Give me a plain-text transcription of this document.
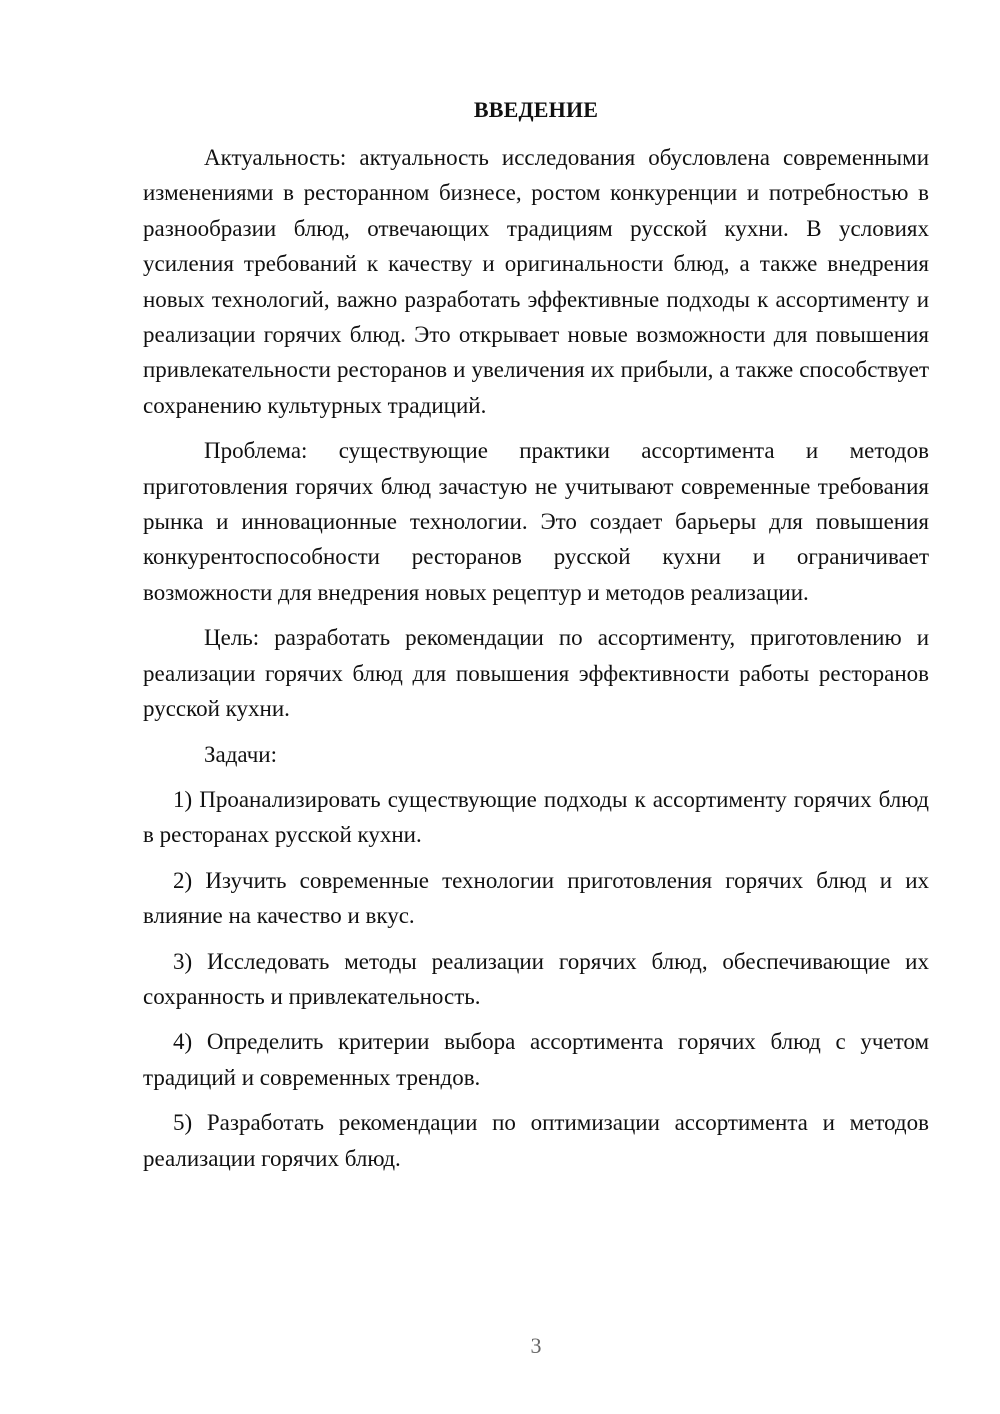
ВВЕДЕНИЕ

Актуальность: актуальность исследования обусловлена современными изменениями в ресторанном бизнесе, ростом конкуренции и потребностью в разнообразии блюд, отвечающих традициям русской кухни. В условиях усиления требований к качеству и оригинальности блюд, а также внедрения новых технологий, важно разработать эффективные подходы к ассортименту и реализации горячих блюд. Это открывает новые возможности для повышения привлекательности ресторанов и увеличения их прибыли, а также способствует сохранению культурных традиций.

Проблема: существующие практики ассортимента и методов приготовления горячих блюд зачастую не учитывают современные требования рынка и инновационные технологии. Это создает барьеры для повышения конкурентоспособности ресторанов русской кухни и ограничивает возможности для внедрения новых рецептур и методов реализации.

Цель: разработать рекомендации по ассортименту, приготовлению и реализации горячих блюд для повышения эффективности работы ресторанов русской кухни.

Задачи:

1) Проанализировать существующие подходы к ассортименту горячих блюд в ресторанах русской кухни.

2) Изучить современные технологии приготовления горячих блюд и их влияние на качество и вкус.

3) Исследовать методы реализации горячих блюд, обеспечивающие их сохранность и привлекательность.

4) Определить критерии выбора ассортимента горячих блюд с учетом традиций и современных трендов.

5) Разработать рекомендации по оптимизации ассортимента и методов реализации горячих блюд.

3
